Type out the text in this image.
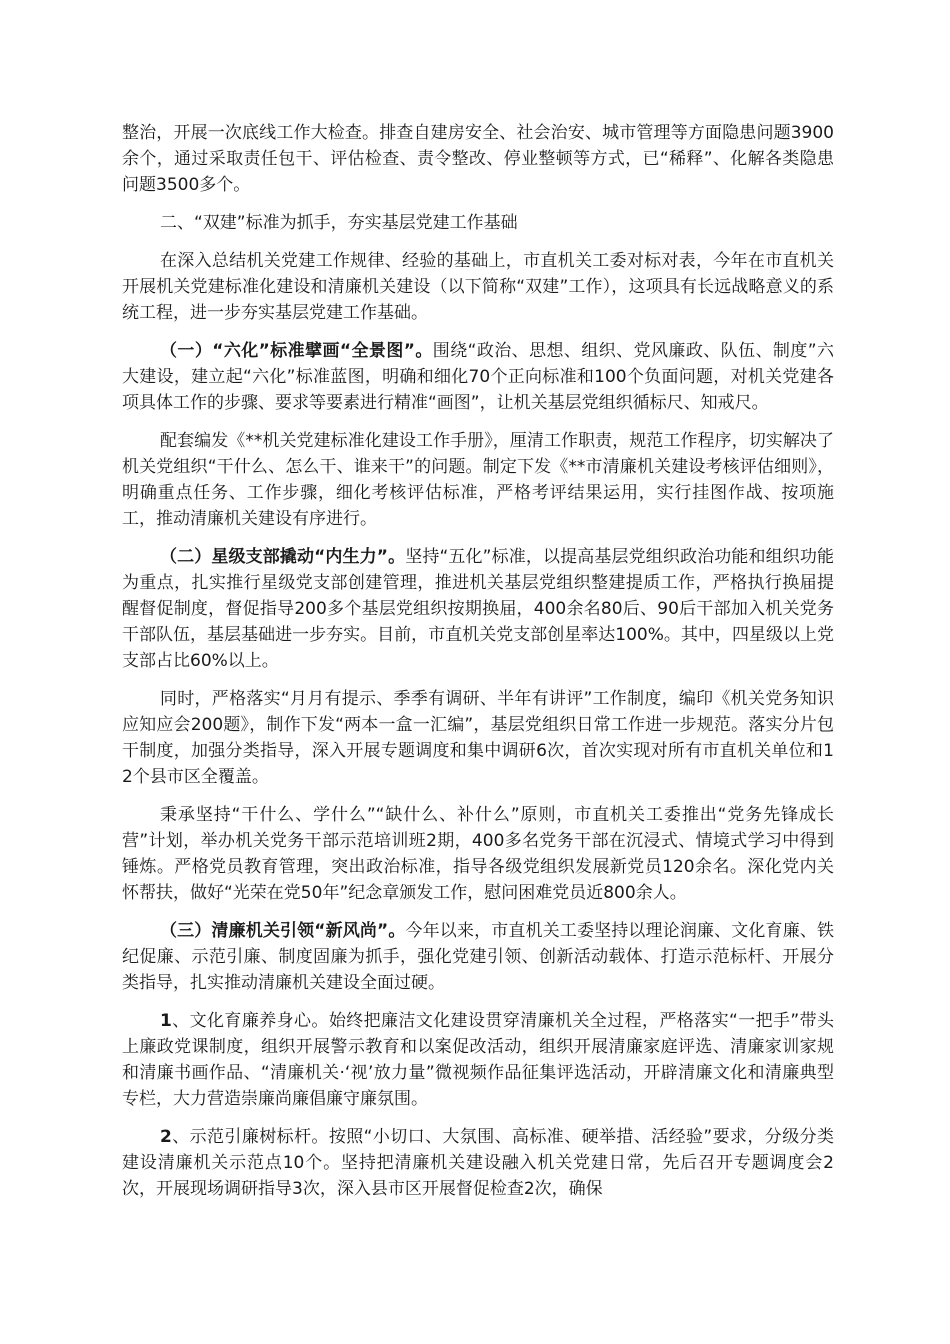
整治，开展一次底线工作大检查。排查自建房安全、社会治安、城市管理等方面隐患问题3900余个，通过采取责任包干、评估检查、责令整改、停业整顿等方式，已“稀释”、化解各类隐患问题3500多个。

二、“双建”标准为抓手，夯实基层党建工作基础

在深入总结机关党建工作规律、经验的基础上，市直机关工委对标对表，今年在市直机关开展机关党建标准化建设和清廉机关建设（以下简称“双建”工作），这项具有长远战略意义的系统工程，进一步夯实基层党建工作基础。

（一）“六化”标准擘画“全景图”。围绕“政治、思想、组织、党风廉政、队伍、制度”六大建设，建立起“六化”标准蓝图，明确和细化70个正向标准和100个负面问题，对机关党建各项具体工作的步骤、要求等要素进行精准“画图”，让机关基层党组织循标尺、知戒尺。

配套编发《**机关党建标准化建设工作手册》，厘清工作职责，规范工作程序，切实解决了机关党组织“干什么、怎么干、谁来干”的问题。制定下发《**市清廉机关建设考核评估细则》，明确重点任务、工作步骤，细化考核评估标准，严格考评结果运用，实行挂图作战、按项施工，推动清廉机关建设有序进行。

（二）星级支部撬动“内生力”。坚持“五化”标准，以提高基层党组织政治功能和组织功能为重点，扎实推行星级党支部创建管理，推进机关基层党组织整建提质工作，严格执行换届提醒督促制度，督促指导200多个基层党组织按期换届，400余名80后、90后干部加入机关党务干部队伍，基层基础进一步夯实。目前，市直机关党支部创星率达100%。其中，四星级以上党支部占比60%以上。

同时，严格落实“月月有提示、季季有调研、半年有讲评”工作制度，编印《机关党务知识应知应会200题》，制作下发“两本一盒一汇编”，基层党组织日常工作进一步规范。落实分片包干制度，加强分类指导，深入开展专题调度和集中调研6次，首次实现对所有市直机关单位和12个县市区全覆盖。

秉承坚持“干什么、学什么”“缺什么、补什么”原则，市直机关工委推出“党务先锋成长营”计划，举办机关党务干部示范培训班2期，400多名党务干部在沉浸式、情境式学习中得到锤炼。严格党员教育管理，突出政治标准，指导各级党组织发展新党员120余名。深化党内关怀帮扶，做好“光荣在党50年”纪念章颁发工作，慰问困难党员近800余人。

（三）清廉机关引领“新风尚”。今年以来，市直机关工委坚持以理论润廉、文化育廉、铁纪促廉、示范引廉、制度固廉为抓手，强化党建引领、创新活动载体、打造示范标杆、开展分类指导，扎实推动清廉机关建设全面过硬。

1、文化育廉养身心。始终把廉洁文化建设贯穿清廉机关全过程，严格落实“一把手”带头上廉政党课制度，组织开展警示教育和以案促改活动，组织开展清廉家庭评选、清廉家训家规和清廉书画作品、“清廉机关·‘视’放力量”微视频作品征集评选活动，开辟清廉文化和清廉典型专栏，大力营造崇廉尚廉倡廉守廉氛围。

2、示范引廉树标杆。按照“小切口、大氛围、高标准、硬举措、活经验”要求，分级分类建设清廉机关示范点10个。坚持把清廉机关建设融入机关党建日常，先后召开专题调度会2次，开展现场调研指导3次，深入县市区开展督促检查2次，确保
